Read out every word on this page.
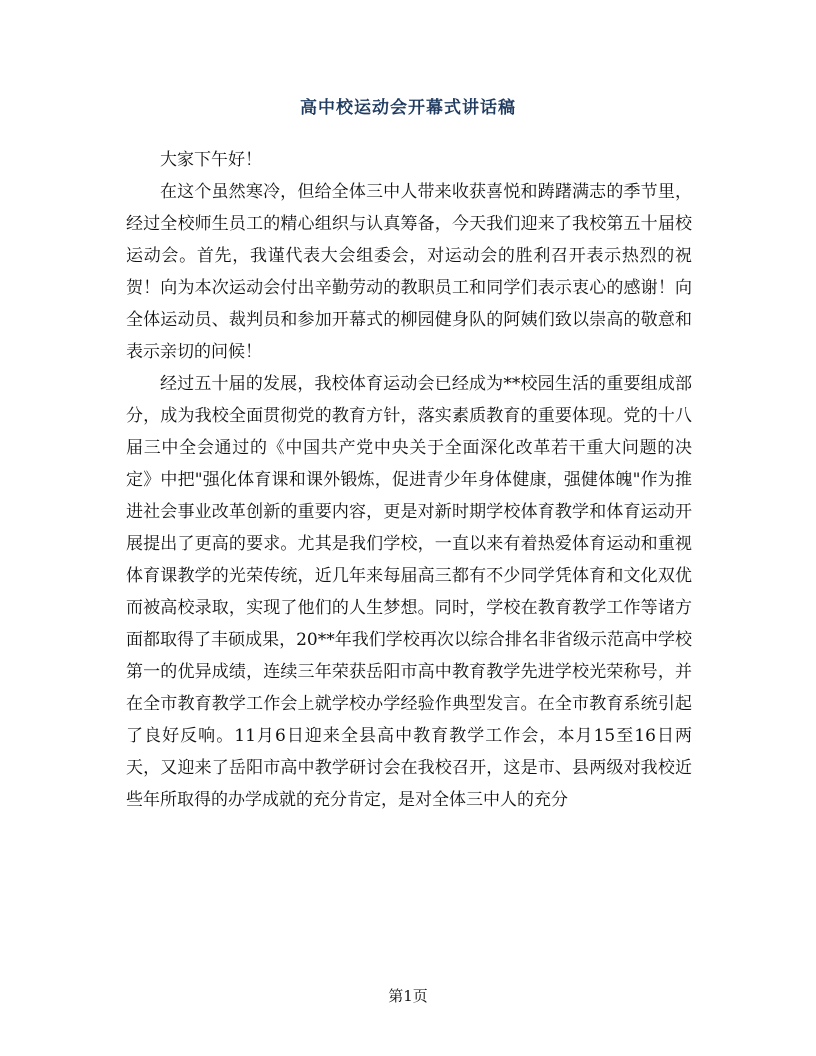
高中校运动会开幕式讲话稿

大家下午好！

在这个虽然寒冷，但给全体三中人带来收获喜悦和踌躇满志的季节里，经过全校师生员工的精心组织与认真筹备，今天我们迎来了我校第五十届校运动会。首先，我谨代表大会组委会，对运动会的胜利召开表示热烈的祝贺！向为本次运动会付出辛勤劳动的教职员工和同学们表示衷心的感谢！向全体运动员、裁判员和参加开幕式的柳园健身队的阿姨们致以崇高的敬意和表示亲切的问候！

经过五十届的发展，我校体育运动会已经成为**校园生活的重要组成部分，成为我校全面贯彻党的教育方针，落实素质教育的重要体现。党的十八届三中全会通过的《中国共产党中央关于全面深化改革若干重大问题的决定》中把"强化体育课和课外锻炼，促进青少年身体健康，强健体魄"作为推进社会事业改革创新的重要内容，更是对新时期学校体育教学和体育运动开展提出了更高的要求。尤其是我们学校，一直以来有着热爱体育运动和重视体育课教学的光荣传统，近几年来每届高三都有不少同学凭体育和文化双优而被高校录取，实现了他们的人生梦想。同时，学校在教育教学工作等诸方面都取得了丰硕成果，20**年我们学校再次以综合排名非省级示范高中学校第一的优异成绩，连续三年荣获岳阳市高中教育教学先进学校光荣称号，并在全市教育教学工作会上就学校办学经验作典型发言。在全市教育系统引起了良好反响。11月6日迎来全县高中教育教学工作会，本月15至16日两天，又迎来了岳阳市高中教学研讨会在我校召开，这是市、县两级对我校近些年所取得的办学成就的充分肯定，是对全体三中人的充分

第1页
